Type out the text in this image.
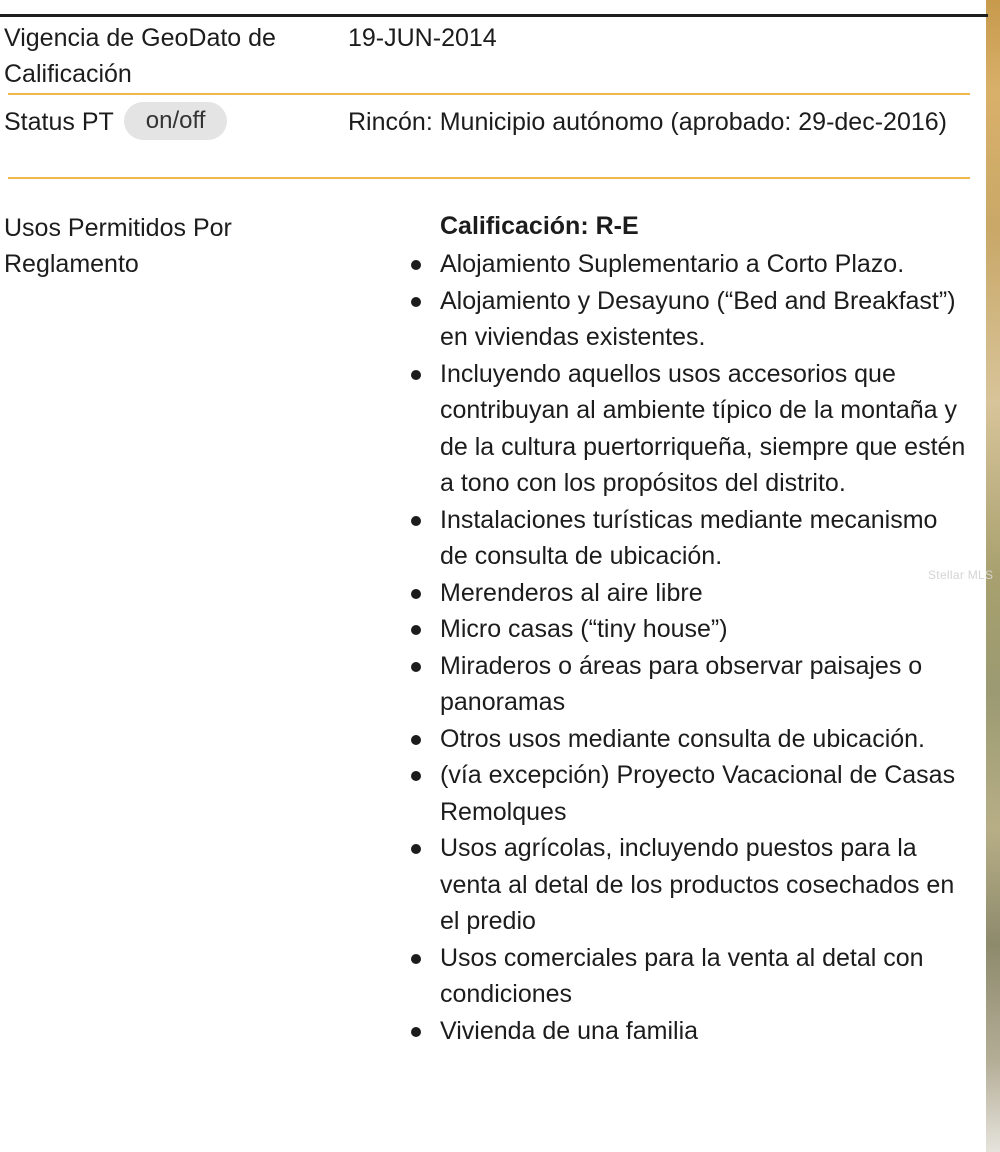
Vigencia de GeoDato de Calificación
19-JUN-2014
Status PT on/off	Rincón: Municipio autónomo (aprobado: 29-dec-2016)
Usos Permitidos Por Reglamento
Calificación: R-E
Alojamiento Suplementario a Corto Plazo.
Alojamiento y Desayuno (“Bed and Breakfast”) en viviendas existentes.
Incluyendo aquellos usos accesorios que contribuyan al ambiente típico de la montaña y de la cultura puertorriqueña, siempre que estén a tono con los propósitos del distrito.
Instalaciones turísticas mediante mecanismo de consulta de ubicación.
Merenderos al aire libre
Micro casas (“tiny house”)
Miraderos o áreas para observar paisajes o panoramas
Otros usos mediante consulta de ubicación.
(vía excepción) Proyecto Vacacional de Casas Remolques
Usos agrícolas, incluyendo puestos para la venta al detal de los productos cosechados en el predio
Usos comerciales para la venta al detal con condiciones
Vivienda de una familia
Stellar MLS
